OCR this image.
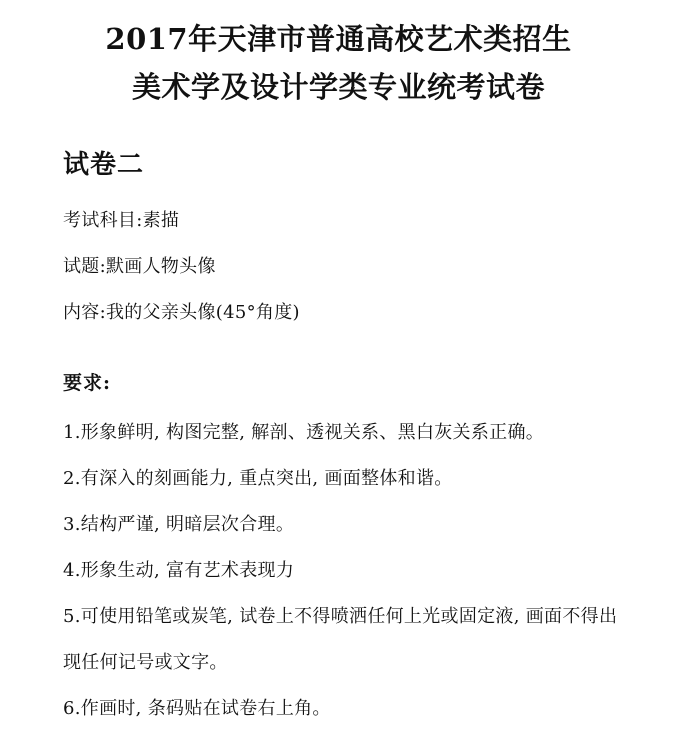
2017年天津市普通高校艺术类招生

美术学及设计学类专业统考试卷

试卷二
考试科目:素描
试题:默画人物头像
内容:我的父亲头像(45°角度)
要求:
1.形象鲜明, 构图完整, 解剖、透视关系、黑白灰关系正确。
2.有深入的刻画能力, 重点突出, 画面整体和谐。
3.结构严谨, 明暗层次合理。
4.形象生动, 富有艺术表现力
5.可使用铅笔或炭笔, 试卷上不得喷洒任何上光或固定液, 画面不得出现任何记号或文字。
6.作画时, 条码贴在试卷右上角。
